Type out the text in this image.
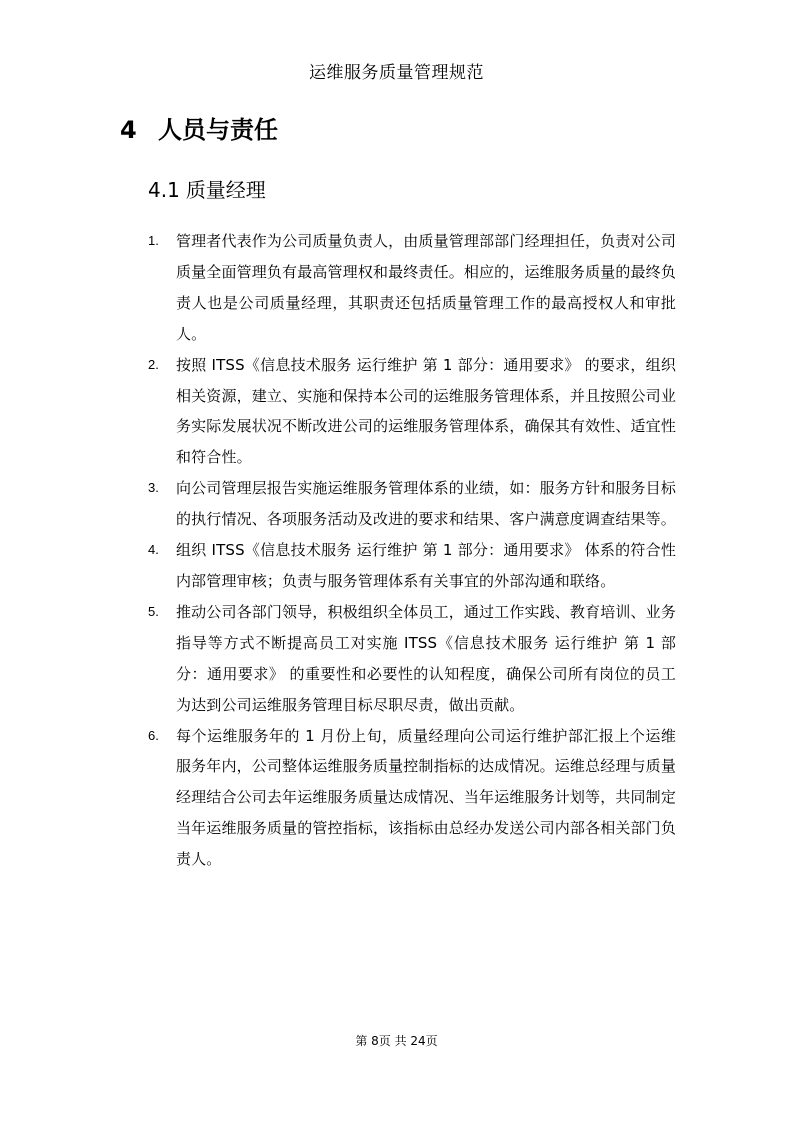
运维服务质量管理规范
4 人员与责任
4.1 质量经理
1.	管理者代表作为公司质量负责人，由质量管理部部门经理担任，负责对公司质量全面管理负有最高管理权和最终责任。相应的，运维服务质量的最终负责人也是公司质量经理，其职责还包括质量管理工作的最高授权人和审批人。
2.	按照 ITSS《信息技术服务 运行维护 第 1 部分：通用要求》 的要求，组织相关资源，建立、实施和保持本公司的运维服务管理体系，并且按照公司业务实际发展状况不断改进公司的运维服务管理体系，确保其有效性、适宜性和符合性。
3.	向公司管理层报告实施运维服务管理体系的业绩，如：服务方针和服务目标的执行情况、各项服务活动及改进的要求和结果、客户满意度调查结果等。
4.	组织 ITSS《信息技术服务 运行维护 第 1 部分：通用要求》 体系的符合性内部管理审核；负责与服务管理体系有关事宜的外部沟通和联络。
5.	推动公司各部门领导，积极组织全体员工，通过工作实践、教育培训、业务指导等方式不断提高员工对实施 ITSS《信息技术服务 运行维护 第 1 部分：通用要求》 的重要性和必要性的认知程度，确保公司所有岗位的员工为达到公司运维服务管理目标尽职尽责，做出贡献。
6.	每个运维服务年的 1 月份上旬，质量经理向公司运行维护部汇报上个运维服务年内，公司整体运维服务质量控制指标的达成情况。运维总经理与质量经理结合公司去年运维服务质量达成情况、当年运维服务计划等，共同制定当年运维服务质量的管控指标，该指标由总经办发送公司内部各相关部门负责人。
第 8页 共 24页
